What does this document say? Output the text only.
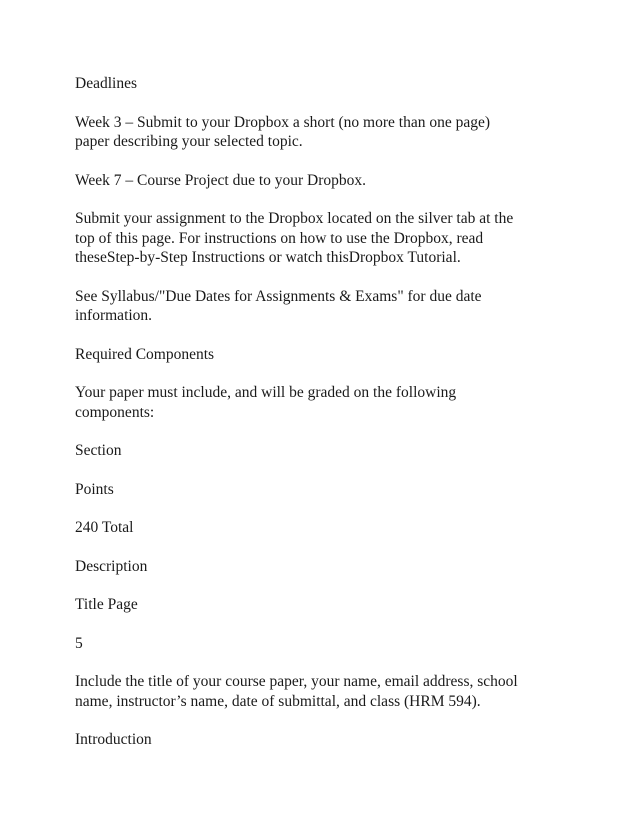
Deadlines

Week 3 – Submit to your Dropbox a short (no more than one page)
paper describing your selected topic.

Week 7 – Course Project due to your Dropbox.

Submit your assignment to the Dropbox located on the silver tab at the
top of this page. For instructions on how to use the Dropbox, read
theseStep-by-Step Instructions or watch thisDropbox Tutorial.

See Syllabus/"Due Dates for Assignments & Exams" for due date
information.

Required Components

Your paper must include, and will be graded on the following
components:

Section

Points

240 Total

Description

Title Page

5

Include the title of your course paper, your name, email address, school
name, instructor’s name, date of submittal, and class (HRM 594).

Introduction
